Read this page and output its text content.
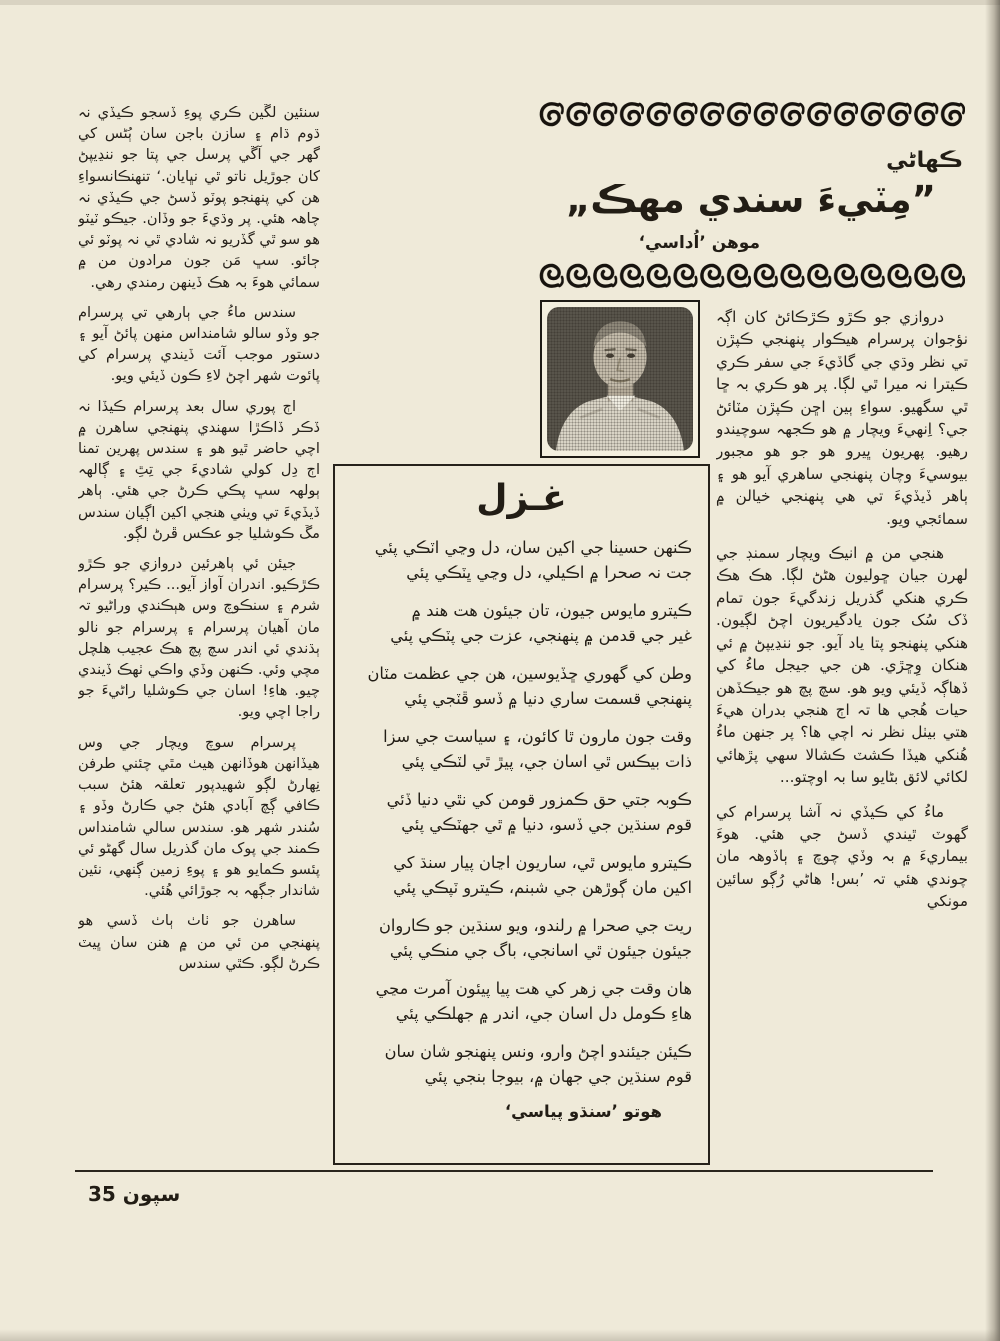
سنئين لڱين ڪري پوءِ ڏسجو ڪيڏي نہ ڌوم ڌام ۽ سازن باجن سان ٻُڻس کي گهر جي آڱي پرسل جي پتا جو ننڍيپڻ کان جوڙيل ناتو ٿي نڀايان.‘ تنهنڪانسواءِ هن کي پنهنجو پوٽو ڏسڻ جي ڪيڏي نہ چاهہ هئي. پر وڌيءَ جو وڏان. جيڪو ٽيٽو هو سو ٿي گڏريو نہ شادي ٿي نہ پوٽو ئي ڄائو. سڀ مَن جون مرادون من ۾ سمائي هوءَ بہ هڪ ڏينهن رمندي رهي.

سندس ماءُ جي ٻارهي تي پرسرام جو وڏو سالو شامنداس منهن پائڻ آيو ۽ دستور موجب آئت ڏيندي پرسرام کي پائوت شهر اچڻ لاءِ ڪون ڏيئي ويو.

اڄ پوري سال بعد پرسرام ڪيڏا نہ ڏڪر ڏاڪڙا سهندي پنهنجي ساهرن ۾ اچي حاضر ٿيو هو ۽ سندس پهرين تمنا اڄ دِل کولي شاديءَ جي تِٿِ ۽ ڳالهہ ٻولهہ سڀ پڪي ڪرڻ جي هئي. ٻاهر ڏيڏيءَ تي ويٺي هنجي اکين اڳيان سندس مڱ ڪوشليا جو عڪس ڦرڻ لڳو.

جيئن ئي ٻاهرئين دروازي جو ڪڙو ڪڙڪيو. اندران آواز آيو... ڪير؟ پرسرام شرم ۽ سنڪوچ وس هٻڪندي وراڻيو تہ مان آهيان پرسرام ۽ پرسرام جو نالو ٻڌندي ئي اندر سچ پچ هڪ عجيب هلچل مچي وئي. ڪنهن وڏي واڪي ٺهڪ ڏيندي چيو. هاءِ! اسان جي ڪوشليا راڻيءَ جو راجا اچي ويو.

پرسرام سوچ ويچار جي وس هيڏانهن هوڏانهن هيٺ مٿي چئني طرفن نِهارڻ لڳو شهيدپور تعلقہ هئڻ سبب ڪافي ڳچ آبادي هئڻ جي ڪارڻ وڏو ۽ سُندر شهر هو. سندس سالي شامنداس ڪمند جي پوک مان گذريل سال گهڻو ئي پئسو ڪمايو هو ۽ پوءِ زمين ڳنهي، نئين شاندار جڳهہ بہ جوڙائي هُئي.

ساهرن جو ٺاٺ ٻاٺ ڏسي هو پنهنجي من ئي من ۾ هنن سان ڀيٽ ڪرڻ لڳو. ڪٿي سندس

ڪهاڻي
”مِٽيءَ سندي مهڪ„
موهن ’اُداسي‘
غـزل
ڪنهن حسينا جي اکين سان، دل وڃي اٽڪي پئي
جت نہ صحرا ۾ اڪيلي، دل وڃي ڀٽڪي پئي
ڪيترو مايوس جيون، تان جيئون هت هند ۾
غير جي قدمن ۾ پنهنجي، عزت جي پٽڪي پئي
وطن کي گهوري ڇڏيوسين، هن جي عظمت مٽان
پنهنجي قسمت ساري دنيا ۾ ڏسو ڦٽجي پئي
وقت جون مارون ٿا کائون، ۽ سياست جي سزا
ذات بيڪس ٿي اسان جي، پيڙ ٿي لٽڪي پئي
ڪوبہ جتي حق ڪمزور قومن کي نٿي دنيا ڏئي
قوم سنڌين جي ڏسو، دنيا ۾ ٿي جهٽڪي پئي
ڪيترو مايوس ٿي، ساريون اڃان پيار سنڌ کي
اکين مان ڳوڙهن جي شبنم، ڪيترو ٽپڪي پئي
ريت جي صحرا ۾ رلندو، ويو سنڌين جو ڪاروان
جيئون جيئون ٿي اسانجي، باگ جي منڪي پئي
هان وقت جي زهر کي هت پيا پيئون آمرت مڃي
هاءِ ڪومل دل اسان جي، اندر ۾ جهلڪي پئي
ڪيئن جيئندو اچڻ وارو، ونس پنهنجو شان سان
قوم سنڌين جي جهان ۾، بيوجا بنجي پئي
هوتو ’سنڌو پياسي‘

دروازي جو ڪڙو ڪڙڪائڻ کان اڳہ نؤجوان پرسرام هيڪوار پنهنجي ڪپڙن تي نظر وڌي جي گاڏيءَ جي سفر ڪري ڪيترا نہ ميرا ٿي لڳا. پر هو ڪري بہ ڇا ٿي سگهيو. سواءِ ٻين اڇن ڪپڙن مٽائڻ جي؟ اِنهيءَ ويچار ۾ هو ڪجهہ سوچيندو رهيو. پهريون ڀيرو هو جو هو مجبور بيوسيءَ وچان پنهنجي ساهري آيو هو ۽ ٻاهر ڏيڏيءَ تي هي پنهنجي خيالن ۾ سمائجي ويو.

هنجي من ۾ انيڪ ويچار سمنڊ جي لهرن جيان ڇوليون هڻڻ لڳا. هڪ هڪ ڪري هنکي گذريل زندگيءَ جون تمام ڏک سُک جون يادگيريون اچڻ لڳيون. هنکي پنهنجو پتا ياد آيو. جو ننڍيپڻ ۾ ئي هنکان وِڇڙي. هن جي جيجل ماءُ کي ڏهاڳہ ڏيئي ويو هو. سچ پچ هو جيڪڏهن حيات هُجي ها تہ اڄ هنجي بدران هيءَ هتي بيٺل نظر نہ اچي ها؟ پر جنهن ماءُ هُنکي هيڏا ڪشٽ ڪشالا سهي پڙهائي لکائي لائق بڻايو سا بہ اوچتو...

ماءُ کي ڪيڏي نہ آشا پرسرام کي گهوٽ ٿيندي ڏسڻ جي هئي. هوءَ بيماريءَ ۾ بہ وڏي چوچ ۽ ٻاڏوهہ مان چوندي هئي تہ ’بس! هاڻي رُڳو سائين مونکي

سپون 35
